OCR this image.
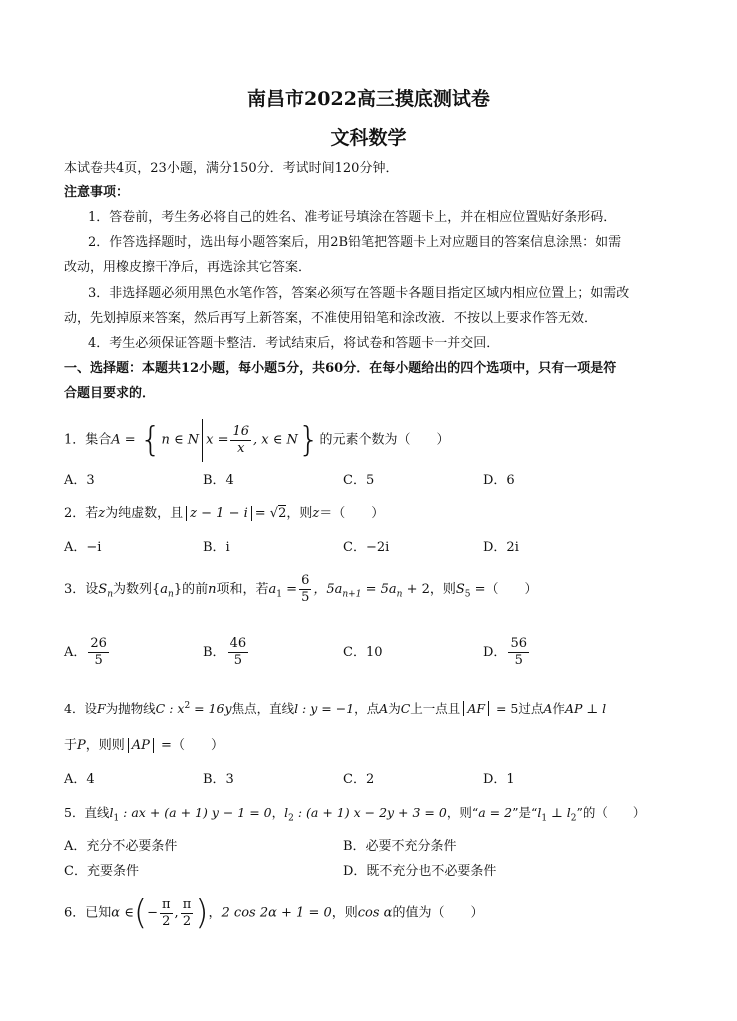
南昌市2022高三摸底测试卷
文科数学
本试卷共4页，23小题，满分150分．考试时间120分钟．
注意事项：
1．答卷前，考生务必将自己的姓名、准考证号填涂在答题卡上，并在相应位置贴好条形码．
2．作答选择题时，选出每小题答案后，用2B铅笔把答题卡上对应题目的答案信息涂黑：如需
改动，用橡皮擦干净后，再选涂其它答案．
3．非选择题必须用黑色水笔作答，答案必须写在答题卡各题目指定区域内相应位置上；如需改
动，先划掉原来答案，然后再写上新答案，不准使用铅笔和涂改液．不按以上要求作答无效．
4．考生必须保证答题卡整洁．考试结束后，将试卷和答题卡一并交回．
一、选择题：本题共12小题，每小题5分，共60分．在每小题给出的四个选项中，只有一项是符
合题目要求的．
1．集合A = {n ∈ N $x = \frac{16}{x}$ , x ∈ N}的元素个数为（　　）
A．3	B．4	C．5	D．6
2．若z为纯虚数，且 z − 1 − i = √2，则z＝（　　）
A．−i	B．i	C．−2i	D．2i
3．设$S_n$为数列$\{a_n\}$的前n项和，若$a_1 = \frac{6}{5}$ ，$5a_{n+1} = 5a_n + 2$，则$S_5$ =（　　）
A． $\frac{26}{5}$	B． $\frac{46}{5}$	C．10	D． $\frac{56}{5}$
4．设F为抛物线C : $x^2 = 16y$焦点，直线l : y = −1，点A为C上一点且 AF = 5过点A作AP ⊥ l
于P，则则 AP =（　　）
A．4	B．3	C．2	D．1
5．直线$l_1$ : ax + (a + 1) y − 1 = 0，$l_2$ : (a + 1) x − 2y + 3 = 0，则“a = 2”是“$l_1$ ⊥ $l_2$”的（　　）
A．充分不必要条件	B．必要不充分条件
C．充要条件	D．既不充分也不必要条件
6．已知α ∈(− $\frac{\pi}{2}$ , $\frac{\pi}{2}$ )，2 cos 2α + 1 = 0，则cos α的值为（　　）
